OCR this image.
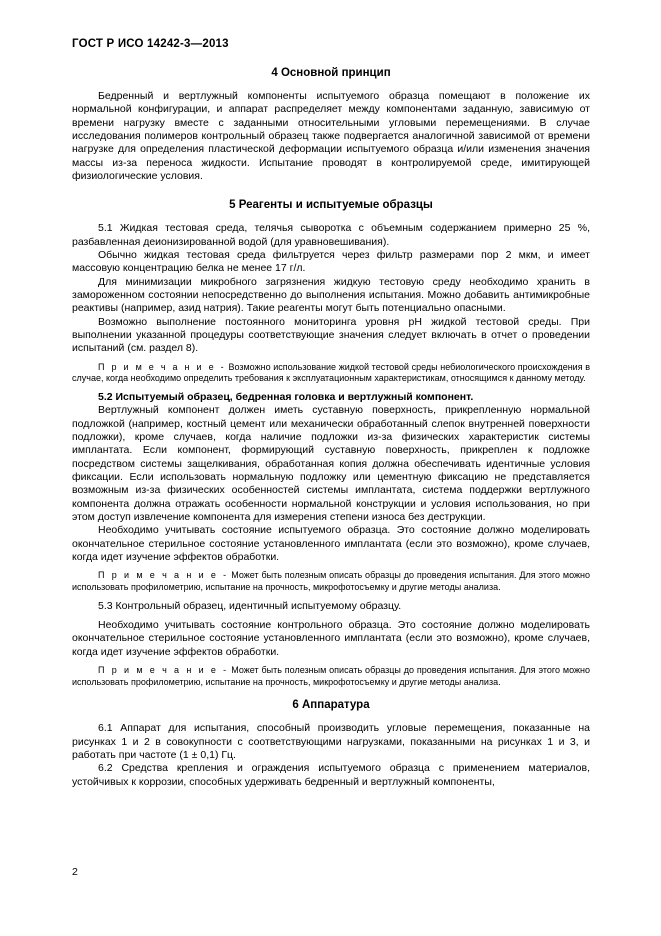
ГОСТ Р ИСО 14242-3—2013
4 Основной принцип

Бедренный и вертлужный компоненты испытуемого образца помещают в положение их нормальной конфигурации, и аппарат распределяет между компонентами заданную, зависимую от времени нагрузку вместе с заданными относительными угловыми перемещениями. В случае исследования полимеров контрольный образец также подвергается аналогичной зависимой от времени нагрузке для определения пластической деформации испытуемого образца и/или изменения значения массы из-за переноса жидкости. Испытание проводят в контролируемой среде, имитирующей физиологические условия.

5 Реагенты и испытуемые образцы

5.1 Жидкая тестовая среда, телячья сыворотка с объемным содержанием примерно 25 %, разбавленная деионизированной водой (для уравновешивания).

Обычно жидкая тестовая среда фильтруется через фильтр размерами пор 2 мкм, и имеет массовую концентрацию белка не менее 17 г/л.

Для минимизации микробного загрязнения жидкую тестовую среду необходимо хранить в замороженном состоянии непосредственно до выполнения испытания. Можно добавить антимикробные реактивы (например, азид натрия). Такие реагенты могут быть потенциально опасными.

Возможно выполнение постоянного мониторинга уровня pH жидкой тестовой среды. При выполнении указанной процедуры соответствующие значения следует включать в отчет о проведении испытаний (см. раздел 8).

П р и м е ч а н и е - Возможно использование жидкой тестовой среды небиологического происхождения в случае, когда необходимо определить требования к эксплуатационным характеристикам, относящимся к данному методу.

5.2 Испытуемый образец, бедренная головка и вертлужный компонент.

Вертлужный компонент должен иметь суставную поверхность, прикрепленную нормальной подложкой (например, костный цемент или механически обработанный слепок внутренней поверхности подложки), кроме случаев, когда наличие подложки из-за физических характеристик системы имплантата. Если компонент, формирующий суставную поверхность, прикреплен к подложке посредством системы защелкивания, обработанная копия должна обеспечивать идентичные условия фиксации. Если использовать нормальную подложку или цементную фиксацию не представляется возможным из-за физических особенностей системы имплантата, система поддержки вертлужного компонента должна отражать особенности нормальной конструкции и условия использования, но при этом доступ извлечение компонента для измерения степени износа без деструкции.

Необходимо учитывать состояние испытуемого образца. Это состояние должно моделировать окончательное стерильное состояние установленного имплантата (если это возможно), кроме случаев, когда идет изучение эффектов обработки.

П р и м е ч а н и е - Может быть полезным описать образцы до проведения испытания. Для этого можно использовать профилометрию, испытание на прочность, микрофотосъемку и другие методы анализа.

5.3 Контрольный образец, идентичный испытуемому образцу.

Необходимо учитывать состояние контрольного образца. Это состояние должно моделировать окончательное стерильное состояние установленного имплантата (если это возможно), кроме случаев, когда идет изучение эффектов обработки.

П р и м е ч а н и е - Может быть полезным описать образцы до проведения испытания. Для этого можно использовать профилометрию, испытание на прочность, микрофотосъемку и другие методы анализа.

6 Аппаратура

6.1 Аппарат для испытания, способный производить угловые перемещения, показанные на рисунках 1 и 2 в совокупности с соответствующими нагрузками, показанными на рисунках 1 и 3, и работать при частоте (1 ± 0,1) Гц.

6.2 Средства крепления и ограждения испытуемого образца с применением материалов, устойчивых к коррозии, способных удерживать бедренный и вертлужный компоненты,

2
